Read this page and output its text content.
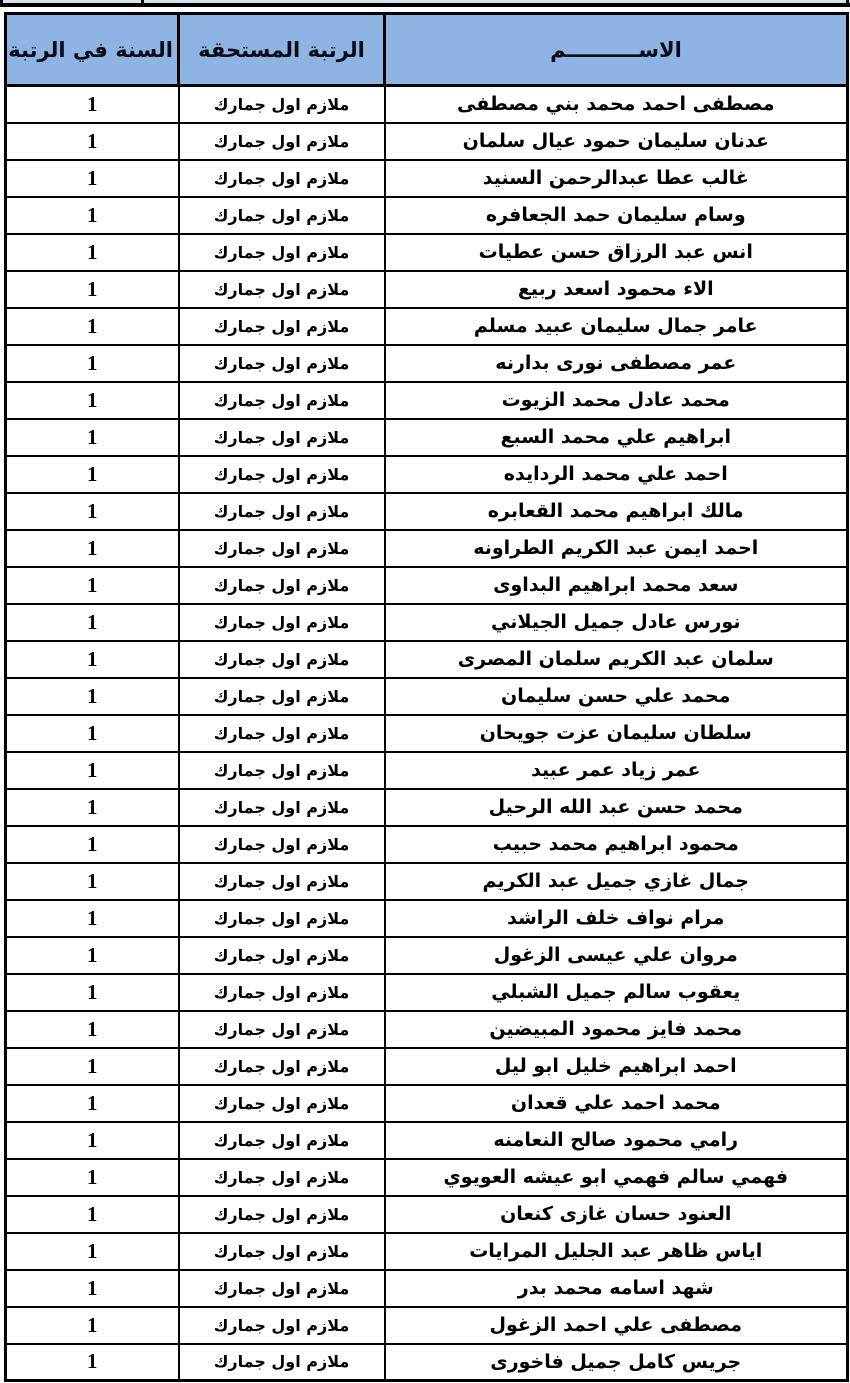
الاســــــــــم	الرتبة المستحقة	السنة في الرتبة
مصطفى احمد محمد بني مصطفى	ملازم اول جمارك	1
عدنان سليمان حمود عيال سلمان	ملازم اول جمارك	1
غالب عطا عبدالرحمن السنيد	ملازم اول جمارك	1
وسام سليمان حمد الجعافره	ملازم اول جمارك	1
انس عبد الرزاق حسن عطيات	ملازم اول جمارك	1
الاء محمود اسعد ربيع	ملازم اول جمارك	1
عامر جمال سليمان عبيد مسلم	ملازم اول جمارك	1
عمر مصطفى نورى بدارنه	ملازم اول جمارك	1
محمد عادل محمد الزيوت	ملازم اول جمارك	1
ابراهيم علي محمد السبع	ملازم اول جمارك	1
احمد علي محمد الردايده	ملازم اول جمارك	1
مالك ابراهيم محمد القعابره	ملازم اول جمارك	1
احمد ايمن عبد الكريم الطراونه	ملازم اول جمارك	1
سعد محمد ابراهيم البداوى	ملازم اول جمارك	1
نورس عادل جميل الجيلاني	ملازم اول جمارك	1
سلمان عبد الكريم سلمان المصرى	ملازم اول جمارك	1
محمد علي حسن سليمان	ملازم اول جمارك	1
سلطان سليمان عزت جويحان	ملازم اول جمارك	1
عمر زياد عمر عبيد	ملازم اول جمارك	1
محمد حسن عبد الله الرحيل	ملازم اول جمارك	1
محمود ابراهيم محمد حبيب	ملازم اول جمارك	1
جمال غازي جميل عبد الكريم	ملازم اول جمارك	1
مرام نواف خلف الراشد	ملازم اول جمارك	1
مروان علي عيسى الزغول	ملازم اول جمارك	1
يعقوب سالم جميل الشبلي	ملازم اول جمارك	1
محمد فايز محمود المبيضين	ملازم اول جمارك	1
احمد ابراهيم خليل ابو ليل	ملازم اول جمارك	1
محمد احمد علي قعدان	ملازم اول جمارك	1
رامي محمود صالح النعامنه	ملازم اول جمارك	1
فهمي سالم فهمي ابو عيشه العويوي	ملازم اول جمارك	1
العنود حسان غازى كنعان	ملازم اول جمارك	1
اياس ظاهر عبد الجليل المرايات	ملازم اول جمارك	1
شهد اسامه محمد بدر	ملازم اول جمارك	1
مصطفى علي احمد الزغول	ملازم اول جمارك	1
جريس كامل جميل فاخورى	ملازم اول جمارك	1
